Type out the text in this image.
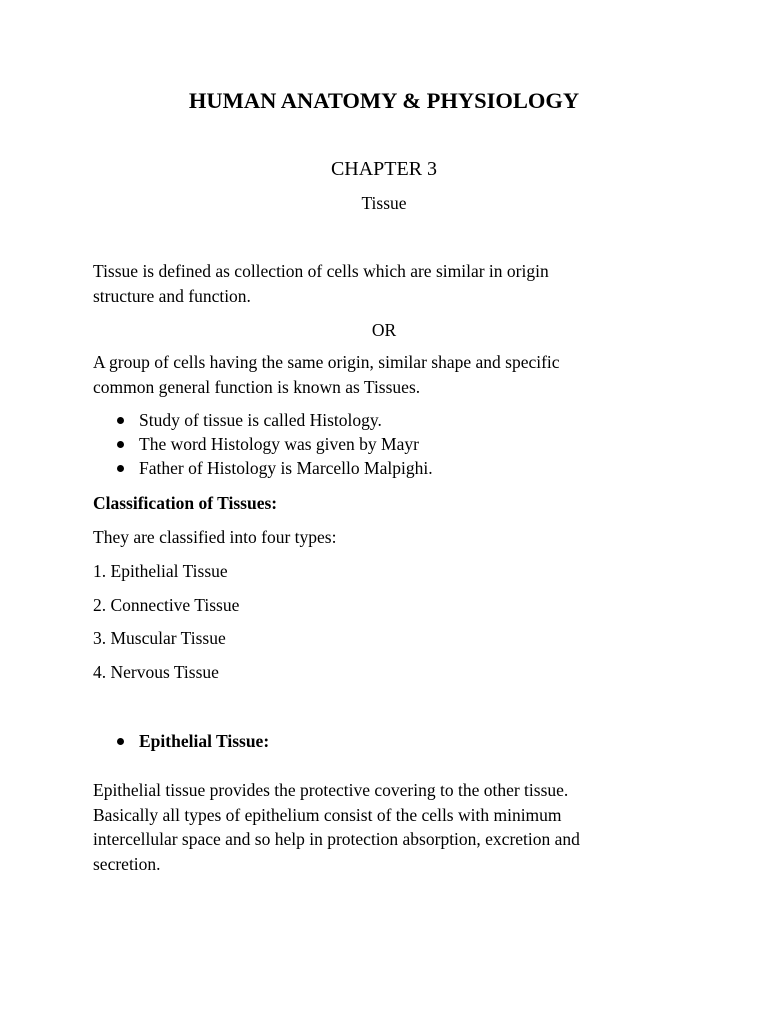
HUMAN ANATOMY & PHYSIOLOGY
CHAPTER 3
Tissue
Tissue is defined as collection of cells which are similar in origin
structure and function.
OR
A group of cells having the same origin, similar shape and specific
common general function is known as Tissues.
Study of tissue is called Histology.
The word Histology was given by Mayr
Father of Histology is Marcello Malpighi.
Classification of Tissues:
They are classified into four types:
1. Epithelial Tissue
2. Connective Tissue
3. Muscular Tissue
4. Nervous Tissue
Epithelial Tissue:
Epithelial tissue provides the protective covering to the other tissue.
Basically all types of epithelium consist of the cells with minimum
intercellular space and so help in protection absorption, excretion and
secretion.
